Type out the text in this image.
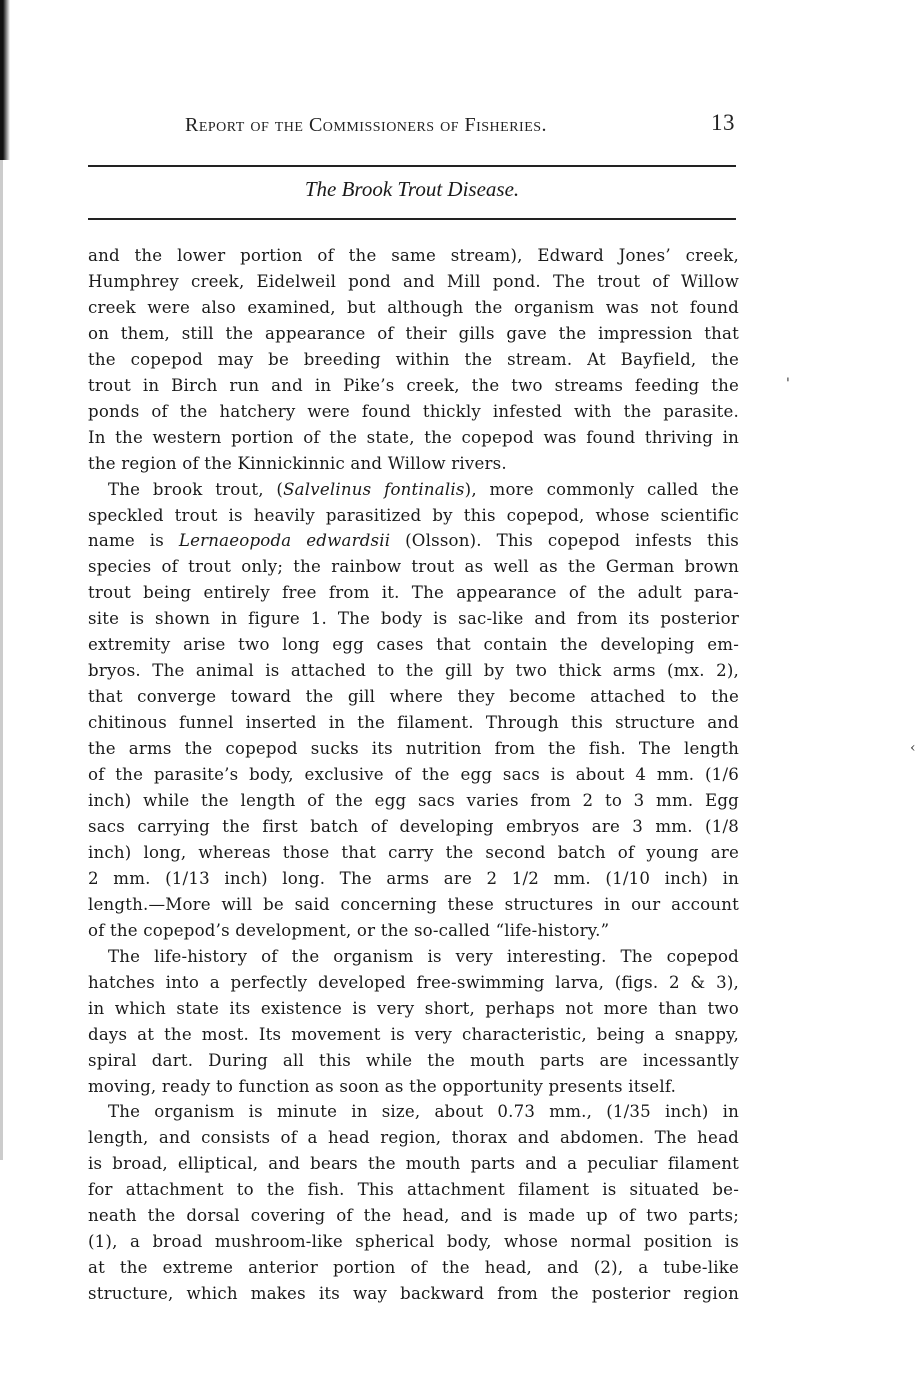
Report of the Commissioners of Fisheries.	13
The Brook Trout Disease.
and the lower portion of the same stream), Edward Jones’ creek,
Humphrey creek, Eidelweil pond and Mill pond. The trout of Willow
creek were also examined, but although the organism was not found
on them, still the appearance of their gills gave the impression that
the copepod may be breeding within the stream. At Bayfield, the
trout in Birch run and in Pike’s creek, the two streams feeding the
ponds of the hatchery were found thickly infested with the parasite.
In the western portion of the state, the copepod was found thriving in
the region of the Kinnickinnic and Willow rivers.
The brook trout, (Salvelinus fontinalis), more commonly called the
speckled trout is heavily parasitized by this copepod, whose scientific
name is Lernaeopoda edwardsii (Olsson). This copepod infests this
species of trout only; the rainbow trout as well as the German brown
trout being entirely free from it. The appearance of the adult para-
site is shown in figure 1. The body is sac-like and from its posterior
extremity arise two long egg cases that contain the developing em-
bryos. The animal is attached to the gill by two thick arms (mx. 2),
that converge toward the gill where they become attached to the
chitinous funnel inserted in the filament. Through this structure and
the arms the copepod sucks its nutrition from the fish. The length
of the parasite’s body, exclusive of the egg sacs is about 4 mm. (1/6
inch) while the length of the egg sacs varies from 2 to 3 mm. Egg
sacs carrying the first batch of developing embryos are 3 mm. (1/8
inch) long, whereas those that carry the second batch of young are
2 mm. (1/13 inch) long. The arms are 2 1/2 mm. (1/10 inch) in
length.—More will be said concerning these structures in our account
of the copepod’s development, or the so-called “life-history.”
The life-history of the organism is very interesting. The copepod
hatches into a perfectly developed free-swimming larva, (figs. 2 & 3),
in which state its existence is very short, perhaps not more than two
days at the most. Its movement is very characteristic, being a snappy,
spiral dart. During all this while the mouth parts are incessantly
moving, ready to function as soon as the opportunity presents itself.
The organism is minute in size, about 0.73 mm., (1/35 inch) in
length, and consists of a head region, thorax and abdomen. The head
is broad, elliptical, and bears the mouth parts and a peculiar filament
for attachment to the fish. This attachment filament is situated be-
neath the dorsal covering of the head, and is made up of two parts;
(1), a broad mushroom-like spherical body, whose normal position is
at the extreme anterior portion of the head, and (2), a tube-like
structure, which makes its way backward from the posterior region
'
‹
